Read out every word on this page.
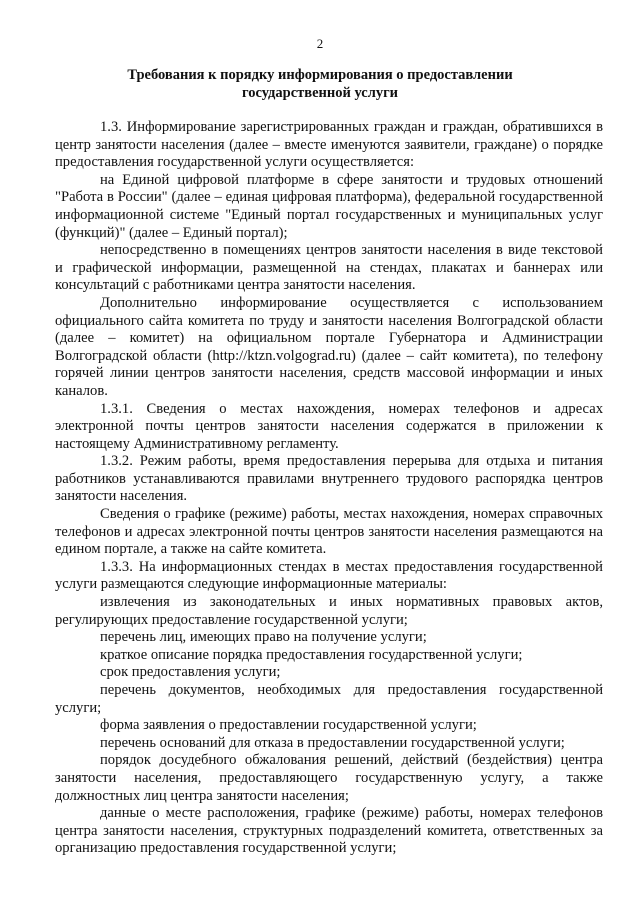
2
Требования к порядку информирования о предоставлении
государственной услуги

1.3. Информирование зарегистрированных граждан и граждан, обратившихся в центр занятости населения (далее – вместе именуются заявители, граждане) о порядке предоставления государственной услуги осуществляется:

на Единой цифровой платформе в сфере занятости и трудовых отношений "Работа в России" (далее – единая цифровая платформа), федеральной государственной информационной системе "Единый портал государственных и муниципальных услуг (функций)" (далее – Единый портал);

непосредственно в помещениях центров занятости населения в виде текстовой и графической информации, размещенной на стендах, плакатах и баннерах или консультаций с работниками центра занятости населения.

Дополнительно информирование осуществляется с использованием официального сайта комитета по труду и занятости населения Волгоградской области (далее – комитет) на официальном портале Губернатора и Администрации Волгоградской области (http://ktzn.volgograd.ru) (далее – сайт комитета), по телефону горячей линии центров занятости населения, средств массовой информации и иных каналов.

1.3.1. Сведения о местах нахождения, номерах телефонов и адресах электронной почты центров занятости населения содержатся в приложении к настоящему Административному регламенту.

1.3.2. Режим работы, время предоставления перерыва для отдыха и питания работников устанавливаются правилами внутреннего трудового распорядка центров занятости населения.

Сведения о графике (режиме) работы, местах нахождения, номерах справочных телефонов и адресах электронной почты центров занятости населения размещаются на едином портале, а также на сайте комитета.

1.3.3. На информационных стендах в местах предоставления государственной услуги размещаются следующие информационные материалы:

извлечения из законодательных и иных нормативных правовых актов, регулирующих предоставление государственной услуги;

перечень лиц, имеющих право на получение услуги;

краткое описание порядка предоставления государственной услуги;

срок предоставления услуги;

перечень документов, необходимых для предоставления государственной услуги;

форма заявления о предоставлении государственной услуги;

перечень оснований для отказа в предоставлении государственной услуги;

порядок досудебного обжалования решений, действий (бездействия) центра занятости населения, предоставляющего государственную услугу, а также должностных лиц центра занятости населения;

данные о месте расположения, графике (режиме) работы, номерах телефонов центра занятости населения, структурных подразделений комитета, ответственных за организацию предоставления государственной услуги;
